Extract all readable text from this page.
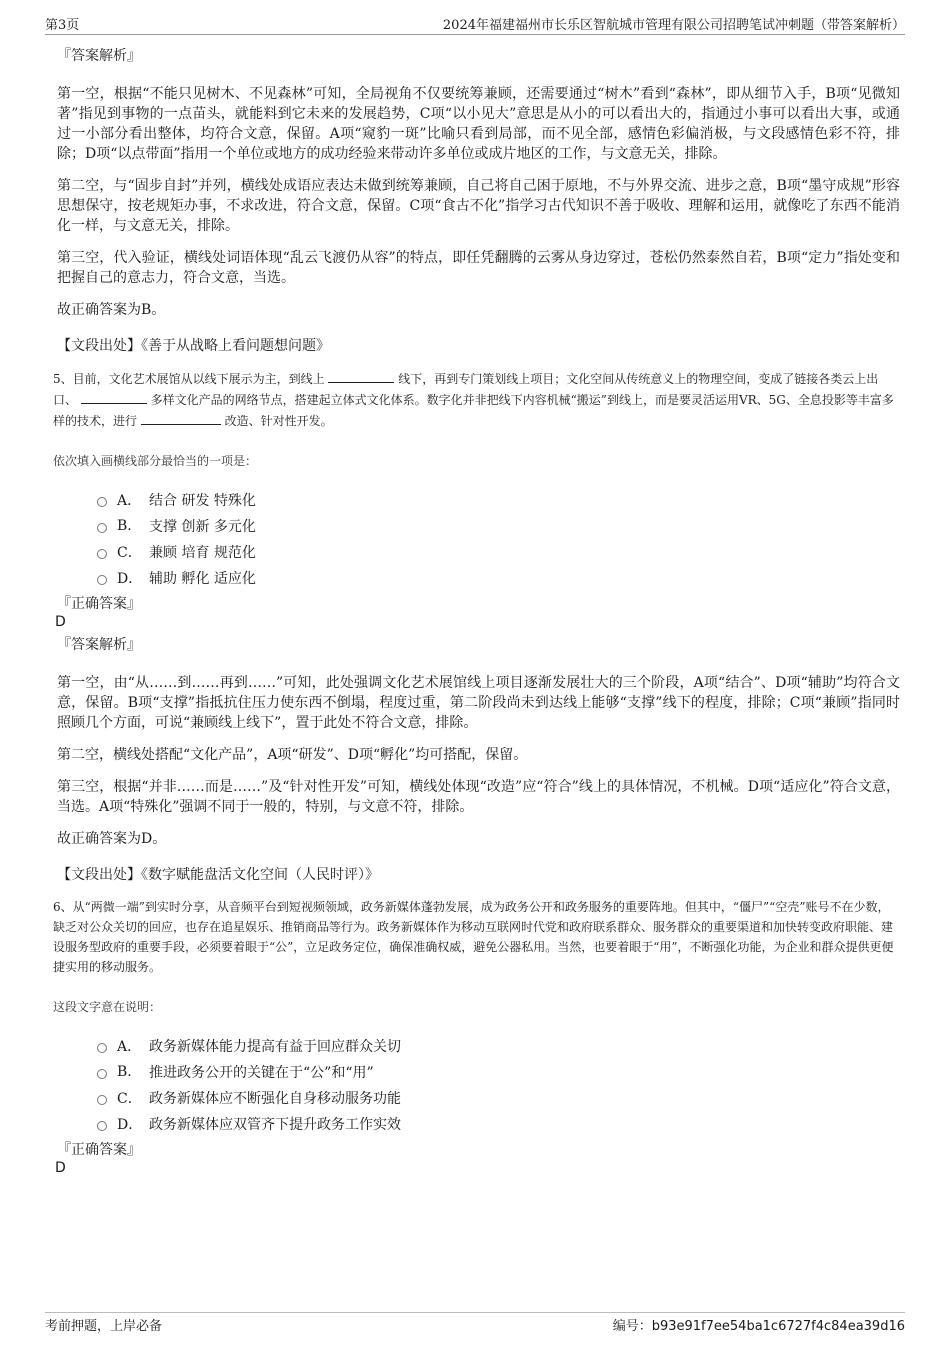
第3页	2024年福建福州市长乐区智航城市管理有限公司招聘笔试冲刺题（带答案解析）
『答案解析』
第一空，根据“不能只见树木、不见森林”可知，全局视角不仅要统筹兼顾，还需要通过“树木”看到“森林”，即从细节入手，B项“见微知著”指见到事物的一点苗头，就能料到它未来的发展趋势，C项“以小见大”意思是从小的可以看出大的，指通过小事可以看出大事，或通过一小部分看出整体，均符合文意，保留。A项“窥豹一斑”比喻只看到局部，而不见全部，感情色彩偏消极，与文段感情色彩不符，排除；D项“以点带面”指用一个单位或地方的成功经验来带动许多单位或成片地区的工作，与文意无关，排除。
第二空，与“固步自封”并列，横线处成语应表达未做到统筹兼顾，自己将自己困于原地，不与外界交流、进步之意，B项“墨守成规”形容思想保守，按老规矩办事，不求改进，符合文意，保留。C项“食古不化”指学习古代知识不善于吸收、理解和运用，就像吃了东西不能消化一样，与文意无关，排除。
第三空，代入验证，横线处词语体现“乱云飞渡仍从容”的特点，即任凭翻腾的云雾从身边穿过，苍松仍然泰然自若，B项“定力”指处变和把握自己的意志力，符合文意，当选。
故正确答案为B。
【文段出处】《善于从战略上看问题想问题》
5、目前，文化艺术展馆从以线下展示为主，到线上	线下，再到专门策划线上项目；文化空间从传统意义上的物理空间，变成了链接各类云上出口、	多样文化产品的网络节点，搭建起立体式文化体系。数字化并非把线下内容机械“搬运”到线上，而是要灵活运用VR、5G、全息投影等丰富多样的技术，进行	改造、针对性开发。
依次填入画横线部分最恰当的一项是：
A． 结合 研发 特殊化
B.	支撑 创新 多元化
C． 兼顾 培育 规范化
D． 辅助 孵化 适应化
『正确答案』
D
『答案解析』
第一空，由“从……到……再到……”可知，此处强调文化艺术展馆线上项目逐渐发展壮大的三个阶段，A项“结合”、D项“辅助”均符合文意，保留。B项“支撑”指抵抗住压力使东西不倒塌，程度过重，第二阶段尚未到达线上能够“支撑”线下的程度，排除；C项“兼顾”指同时照顾几个方面，可说“兼顾线上线下”，置于此处不符合文意，排除。
第二空，横线处搭配“文化产品”，A项“研发”、D项“孵化”均可搭配，保留。
第三空，根据“并非……而是……”及“针对性开发”可知，横线处体现“改造”应“符合”线上的具体情况，不机械。D项“适应化”符合文意，当选。A项“特殊化”强调不同于一般的，特别，与文意不符，排除。
故正确答案为D。
【文段出处】《数字赋能盘活文化空间（人民时评）》
6、从“两微一端”到实时分享，从音频平台到短视频领域，政务新媒体蓬勃发展，成为政务公开和政务服务的重要阵地。但其中，“僵尸”“空壳”账号不在少数，缺乏对公众关切的回应，也存在追星娱乐、推销商品等行为。政务新媒体作为移动互联网时代党和政府联系群众、服务群众的重要渠道和加快转变政府职能、建设服务型政府的重要手段，必须要着眼于“公”，立足政务定位，确保准确权威，避免公器私用。当然，也要着眼于“用”，不断强化功能，为企业和群众提供更便捷实用的移动服务。
这段文字意在说明：
A． 政务新媒体能力提高有益于回应群众关切
B.	推进政务公开的关键在于“公”和“用”
C． 政务新媒体应不断强化自身移动服务功能
D． 政务新媒体应双管齐下提升政务工作实效
『正确答案』
D
考前押题，上岸必备	编号：b93e91f7ee54ba1c6727f4c84ea39d16
